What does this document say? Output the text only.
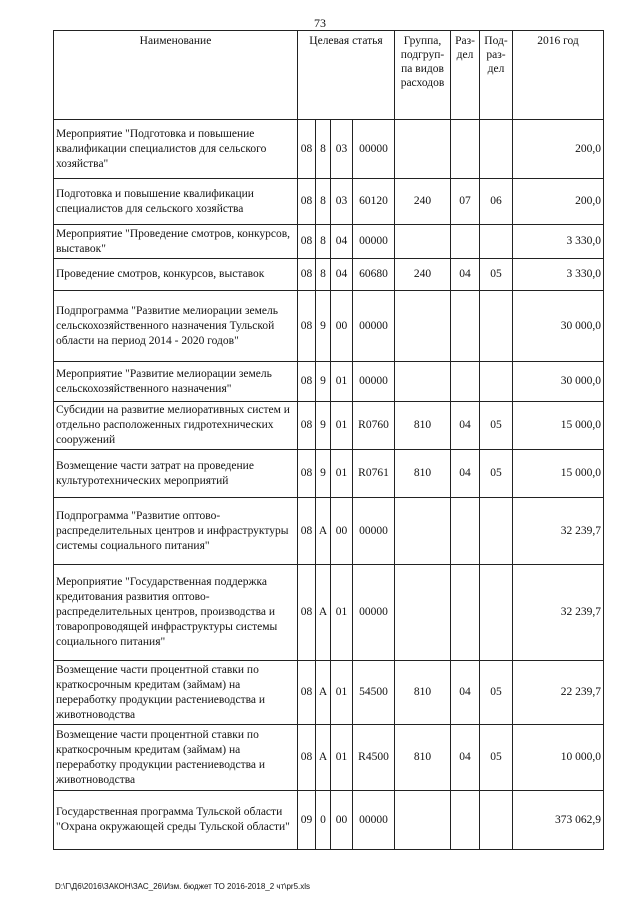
73
Наименование	Целевая статья				Группа, подгруп-па видов расходов	Раз-дел	Под-раз-дел	2016 год
Мероприятие "Подготовка и повышение квалификации специалистов для сельского хозяйства"	08	8	03	00000				200,0
Подготовка и повышение квалификации специалистов для сельского хозяйства	08	8	03	60120	240	07	06	200,0
Мероприятие "Проведение смотров, конкурсов, выставок"	08	8	04	00000				3 330,0
Проведение смотров, конкурсов, выставок	08	8	04	60680	240	04	05	3 330,0
Подпрограмма "Развитие мелиорации земель сельскохозяйственного назначения Тульской области на период 2014 - 2020 годов"	08	9	00	00000				30 000,0
Мероприятие "Развитие мелиорации земель сельскохозяйственного назначения"	08	9	01	00000				30 000,0
Субсидии на развитие мелиоративных систем и отдельно расположенных гидротехнических сооружений	08	9	01	R0760	810	04	05	15 000,0
Возмещение части затрат на проведение культуротехнических мероприятий	08	9	01	R0761	810	04	05	15 000,0
Подпрограмма "Развитие оптово-распределительных центров и инфраструктуры системы социального питания"	08	А	00	00000				32 239,7
Мероприятие "Государственная поддержка кредитования развития оптово-распределительных центров, производства и товаропроводящей инфраструктуры системы социального питания"	08	А	01	00000				32 239,7
Возмещение части процентной ставки по краткосрочным кредитам (займам) на переработку продукции растениеводства и животноводства	08	А	01	54500	810	04	05	22 239,7
Возмещение части процентной ставки по краткосрочным кредитам (займам) на переработку продукции растениеводства и животноводства	08	А	01	R4500	810	04	05	10 000,0
Государственная программа Тульской области "Охрана окружающей среды Тульской области"	09	0	00	00000				373 062,9
D:\Г\Д6\2016\ЗАКОН\ЗАС_26\Изм. бюджет ТО 2016-2018_2 чт\pr5.xls
